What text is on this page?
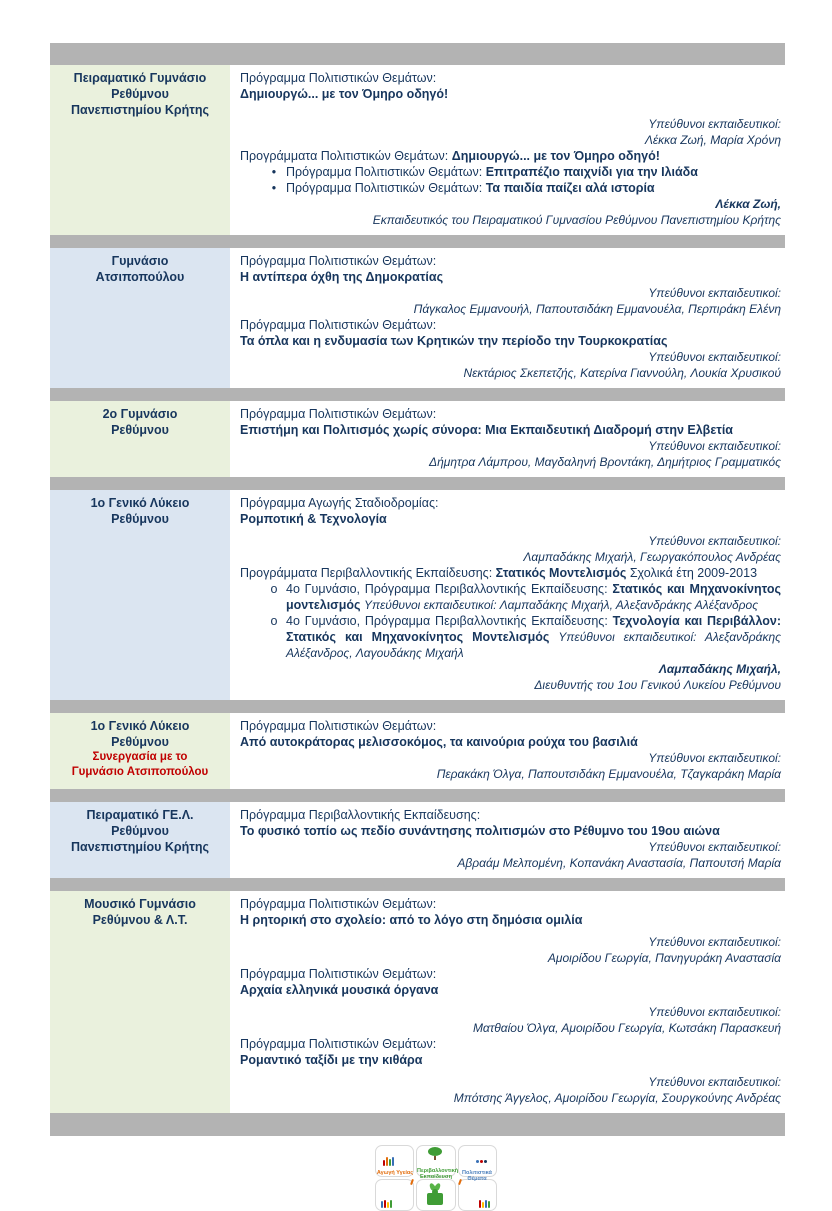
Πειραματικό Γυμνάσιο
Ρεθύμνου
Πανεπιστημίου Κρήτης
Πρόγραμμα Πολιτιστικών Θεμάτων:
Δημιουργώ... με τον Όμηρο οδηγό!
Υπεύθυνοι εκπαιδευτικοί:
Λέκκα Ζωή, Μαρία Χρόνη
Προγράμματα Πολιτιστικών Θεμάτων: Δημιουργώ... με τον Όμηρο οδηγό!
• Πρόγραμμα Πολιτιστικών Θεμάτων: Επιτραπέζιο παιχνίδι για την Ιλιάδα
• Πρόγραμμα Πολιτιστικών Θεμάτων: Τα παιδία παίζει αλά ιστορία
Λέκκα Ζωή,
Εκπαιδευτικός του Πειραματικού Γυμνασίου Ρεθύμνου Πανεπιστημίου Κρήτης
Γυμνάσιο
Ατσιποπούλου
Πρόγραμμα Πολιτιστικών Θεμάτων:
Η αντίπερα όχθη της Δημοκρατίας
Υπεύθυνοι εκπαιδευτικοί:
Πάγκαλος Εμμανουήλ, Παπουτσιδάκη Εμμανουέλα, Περπιράκη Ελένη
Πρόγραμμα Πολιτιστικών Θεμάτων:
Τα όπλα και η ενδυμασία των Κρητικών την περίοδο την Τουρκοκρατίας
Υπεύθυνοι εκπαιδευτικοί:
Νεκτάριος Σκεπετζής, Κατερίνα Γιαννούλη, Λουκία Χρυσικού
2ο Γυμνάσιο
Ρεθύμνου
Πρόγραμμα Πολιτιστικών Θεμάτων:
Επιστήμη και Πολιτισμός χωρίς σύνορα: Μια Εκπαιδευτική Διαδρομή στην Ελβετία
Υπεύθυνοι εκπαιδευτικοί:
Δήμητρα Λάμπρου, Μαγδαληνή Βροντάκη, Δημήτριος Γραμματικός
1ο Γενικό Λύκειο
Ρεθύμνου
Πρόγραμμα Αγωγής Σταδιοδρομίας:
Ρομποτική & Τεχνολογία
Υπεύθυνοι εκπαιδευτικοί:
Λαμπαδάκης Μιχαήλ, Γεωργακόπουλος Ανδρέας
Προγράμματα Περιβαλλοντικής Εκπαίδευσης: Στατικός Μοντελισμός Σχολικά έτη 2009-2013
o 4ο Γυμνάσιο, Πρόγραμμα Περιβαλλοντικής Εκπαίδευσης: Στατικός και Μηχανοκίνητος μοντελισμός Υπεύθυνοι εκπαιδευτικοί: Λαμπαδάκης Μιχαήλ, Αλεξανδράκης Αλέξανδρος
o 4ο Γυμνάσιο, Πρόγραμμα Περιβαλλοντικής Εκπαίδευσης: Τεχνολογία και Περιβάλλον: Στατικός και Μηχανοκίνητος Μοντελισμός Υπεύθυνοι εκπαιδευτικοί: Αλεξανδράκης Αλέξανδρος, Λαγουδάκης Μιχαήλ
Λαμπαδάκης Μιχαήλ,
Διευθυντής του 1ου Γενικού Λυκείου Ρεθύμνου
1ο Γενικό Λύκειο
Ρεθύμνου
Συνεργασία με το
Γυμνάσιο Ατσιποπούλου
Πρόγραμμα Πολιτιστικών Θεμάτων:
Από αυτοκράτορας μελισσοκόμος, τα καινούρια ρούχα του βασιλιά
Υπεύθυνοι εκπαιδευτικοί:
Περακάκη Όλγα, Παπουτσιδάκη Εμμανουέλα, Τζαγκαράκη Μαρία
Πειραματικό ΓΕ.Λ.
Ρεθύμνου
Πανεπιστημίου Κρήτης
Πρόγραμμα Περιβαλλοντικής Εκπαίδευσης:
Το φυσικό τοπίο ως πεδίο συνάντησης πολιτισμών στο Ρέθυμνο του 19ου αιώνα
Υπεύθυνοι εκπαιδευτικοί:
Αβραάμ Μελπομένη, Κοπανάκη Αναστασία, Παπουτσή Μαρία
Μουσικό Γυμνάσιο
Ρεθύμνου & Λ.Τ.
Πρόγραμμα Πολιτιστικών Θεμάτων:
Η ρητορική στο σχολείο: από το λόγο στη δημόσια ομιλία
Υπεύθυνοι εκπαιδευτικοί:
Αμοιρίδου Γεωργία, Πανηγυράκη Αναστασία
Πρόγραμμα Πολιτιστικών Θεμάτων:
Αρχαία ελληνικά μουσικά όργανα
Υπεύθυνοι εκπαιδευτικοί:
Ματθαίου Όλγα, Αμοιρίδου Γεωργία, Κωτσάκη Παρασκευή
Πρόγραμμα Πολιτιστικών Θεμάτων:
Ρομαντικό ταξίδι με την κιθάρα
Υπεύθυνοι εκπαιδευτικοί:
Μπότσης Άγγελος, Αμοιρίδου Γεωργία, Σουργκούνης Ανδρέας
Αγωγή Υγείας Περιβαλλοντική Εκπαίδευση
Πολιτιστικά Θέματα
